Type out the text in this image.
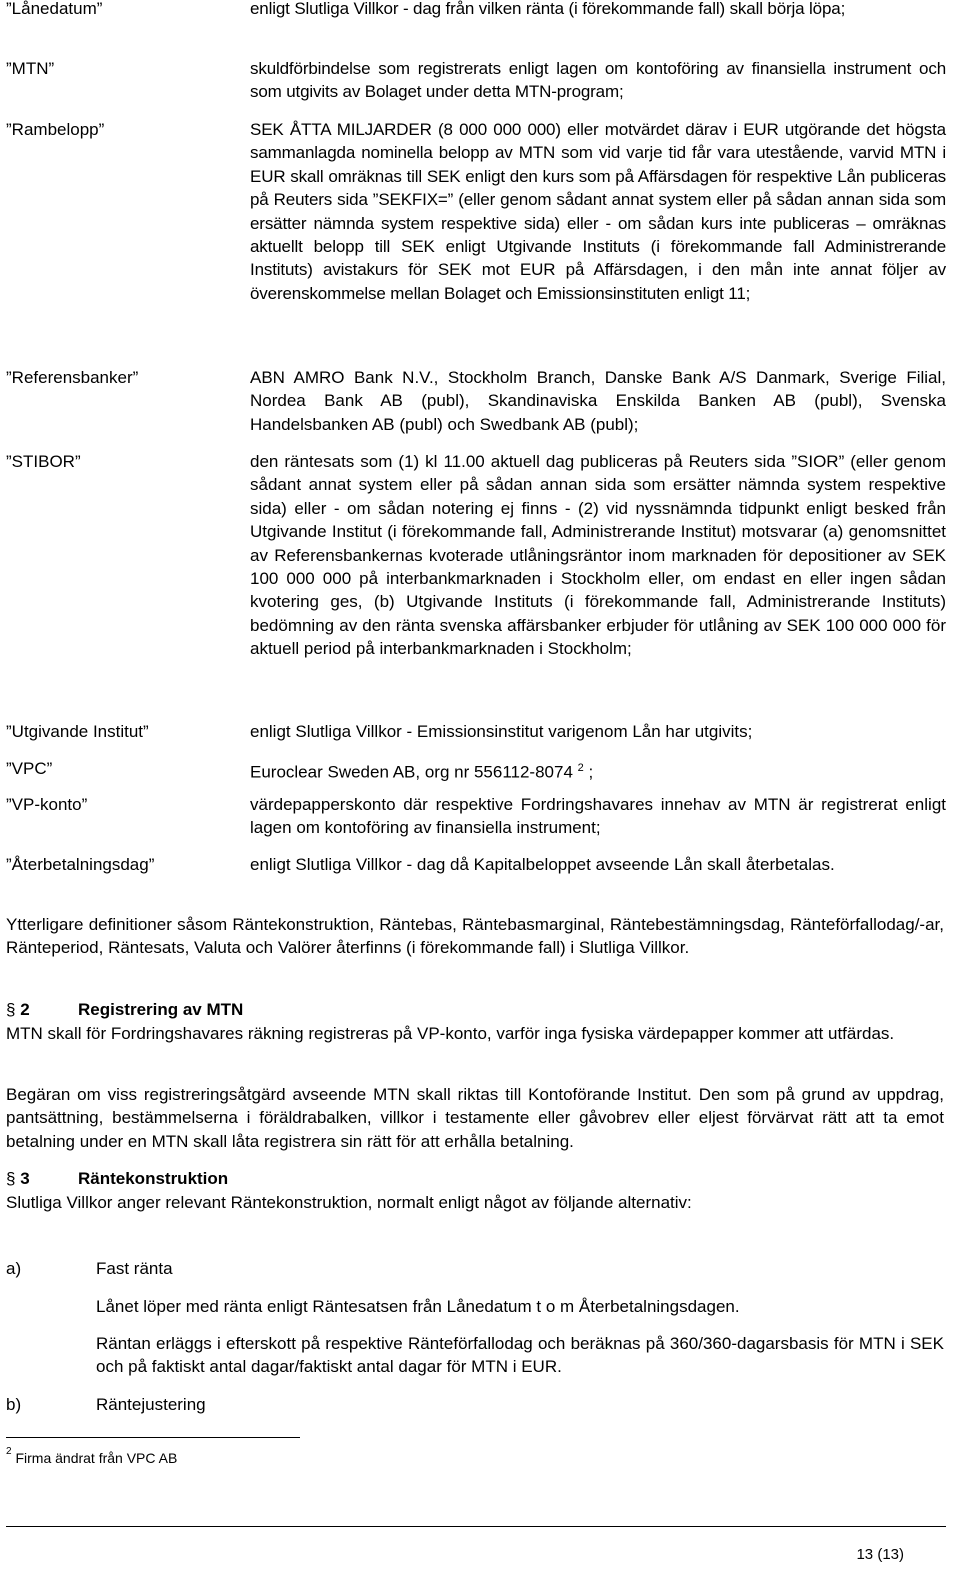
”Lånedatum”	enligt Slutliga Villkor - dag från vilken ränta (i förekommande fall) skall börja löpa;
”MTN”	skuldförbindelse som registrerats enligt lagen om kontoföring av finansiella instrument och som utgivits av Bolaget under detta MTN-program;
”Rambelopp”	SEK ÅTTA MILJARDER (8 000 000 000) eller motvärdet därav i EUR utgörande det högsta sammanlagda nominella belopp av MTN som vid varje tid får vara utestående, varvid MTN i EUR skall omräknas till SEK enligt den kurs som på Affärsdagen för respektive Lån publiceras på Reuters sida ”SEKFIX=” (eller genom sådant annat system eller på sådan annan sida som ersätter nämnda system respektive sida) eller - om sådan kurs inte publiceras – omräknas aktuellt belopp till SEK enligt Utgivande Instituts (i förekommande fall Administrerande Instituts) avistakurs för SEK mot EUR på Affärsdagen, i den mån inte annat följer av överenskommelse mellan Bolaget och Emissionsinstituten enligt 11;
”Referensbanker”	ABN AMRO Bank N.V., Stockholm Branch, Danske Bank A/S Danmark, Sverige Filial, Nordea Bank AB (publ), Skandinaviska Enskilda Banken AB (publ), Svenska Handelsbanken AB (publ) och Swedbank AB (publ);
”STIBOR”	den räntesats som (1) kl 11.00 aktuell dag publiceras på Reuters sida ”SIOR” (eller genom sådant annat system eller på sådan annan sida som ersätter nämnda system respektive sida) eller - om sådan notering ej finns - (2) vid nyssnämnda tidpunkt enligt besked från Utgivande Institut (i förekommande fall, Administrerande Institut) motsvarar (a) genomsnittet av Referensbankernas kvoterade utlåningsräntor inom marknaden för depositioner av SEK 100 000 000 på interbankmarknaden i Stockholm eller, om endast en eller ingen sådan kvotering ges, (b) Utgivande Instituts (i förekommande fall, Administrerande Instituts) bedömning av den ränta svenska affärsbanker erbjuder för utlåning av SEK 100 000 000 för aktuell period på interbankmarknaden i Stockholm;
”Utgivande Institut”	enligt Slutliga Villkor - Emissionsinstitut varigenom Lån har utgivits;
”VPC”	Euroclear Sweden AB, org nr 556112-8074 $^2$ ;
”VP-konto”	värdepapperskonto där respektive Fordringshavares innehav av MTN är registrerat enligt lagen om kontoföring av finansiella instrument;
”Återbetalningsdag”	enligt Slutliga Villkor - dag då Kapitalbeloppet avseende Lån skall återbetalas.
Ytterligare definitioner såsom Räntekonstruktion, Räntebas, Räntebasmarginal, Räntebestämningsdag, Ränteförfallodag/-ar, Ränteperiod, Räntesats, Valuta och Valörer återfinns (i förekommande fall) i Slutliga Villkor.
§ 2	Registrering av MTN
MTN skall för Fordringshavares räkning registreras på VP-konto, varför inga fysiska värdepapper kommer att utfärdas.
Begäran om viss registreringsåtgärd avseende MTN skall riktas till Kontoförande Institut. Den som på grund av uppdrag, pantsättning, bestämmelserna i föräldrabalken, villkor i testamente eller gåvobrev eller eljest förvärvat rätt att ta emot betalning under en MTN skall låta registrera sin rätt för att erhålla betalning.
§ 3	Räntekonstruktion
Slutliga Villkor anger relevant Räntekonstruktion, normalt enligt något av följande alternativ:
a)	Fast ränta
Lånet löper med ränta enligt Räntesatsen från Lånedatum t o m Återbetalningsdagen.
Räntan erläggs i efterskott på respektive Ränteförfallodag och beräknas på 360/360-dagarsbasis för MTN i SEK och på faktiskt antal dagar/faktiskt antal dagar för MTN i EUR.
b)	Räntejustering
$^2$ Firma ändrat från VPC AB
13 (13)
